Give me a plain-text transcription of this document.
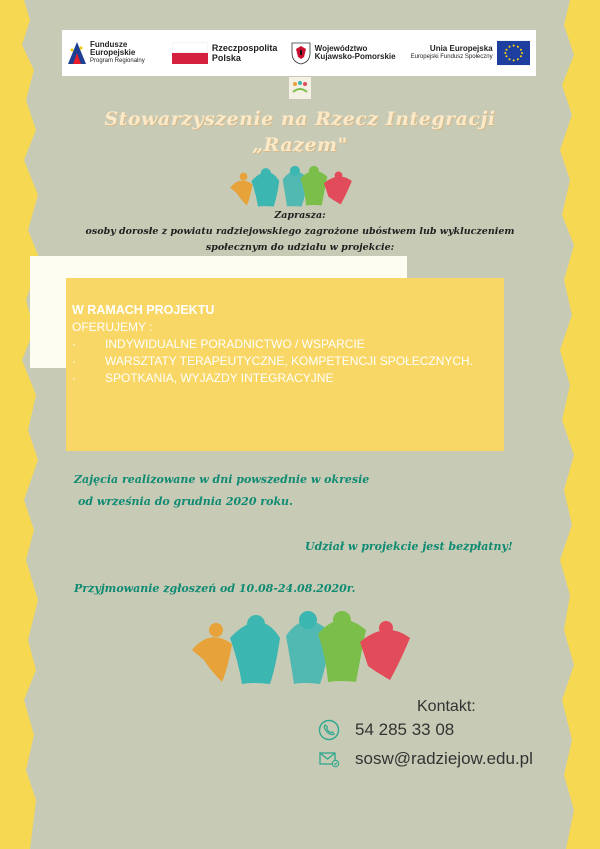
Fundusze
Europejskie
Program Regionalny
Rzeczpospolita
Polska
Województwo
Kujawsko-Pomorskie
Unia Europejska
Europejski Fundusz Społeczny
Stowarzyszenie na Rzecz Integracji
„Razem"
Zaprasza:
osoby dorosłe z powiatu radziejowskiego zagrożone ubóstwem lub wykluczeniem
społecznym do udziału w projekcie:
W RAMACH PROJEKTU
OFERUJEMY :
· INDYWIDUALNE PORADNICTWO / WSPARCIE
· WARSZTATY TERAPEUTYCZNE, KOMPETENCJI SPOŁECZNYCH.
· SPOTKANIA, WYJAZDY INTEGRACYJNE
Zajęcia realizowane w dni powszednie w okresie
od września do grudnia 2020 roku.
Udział w projekcie jest bezpłatny!
Przyjmowanie zgłoszeń od 10.08-24.08.2020r.
Kontakt:
54 285 33 08
sosw@radziejow.edu.pl
